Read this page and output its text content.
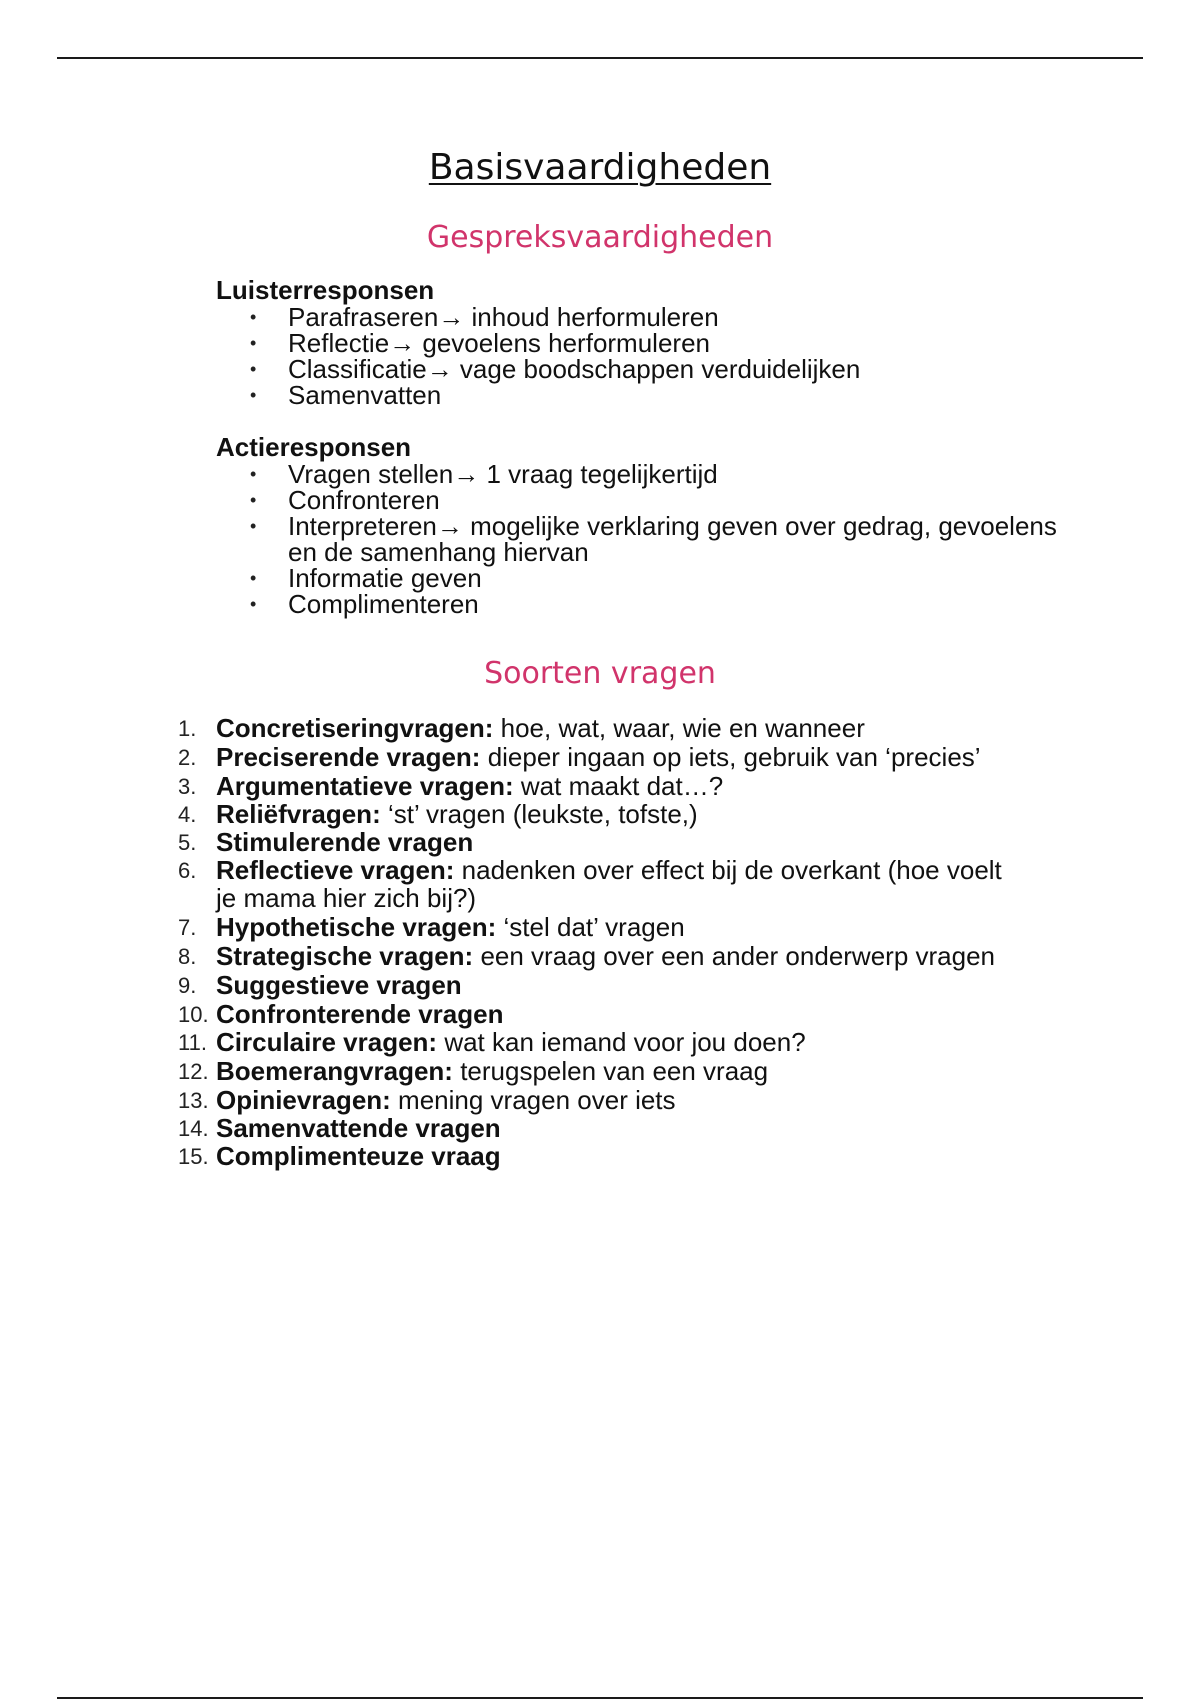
Basisvaardigheden
Gespreksvaardigheden

Luisterresponsen

• Parafraseren→ inhoud herformuleren
• Reflectie→ gevoelens herformuleren
• Classificatie→ vage boodschappen verduidelijken
• Samenvatten

Actieresponsen

• Vragen stellen→ 1 vraag tegelijkertijd
• Confronteren
• Interpreteren→ mogelijke verklaring geven over gedrag, gevoelens en de samenhang hiervan
• Informatie geven
• Complimenteren
Soorten vragen
1. Concretiseringvragen: hoe, wat, waar, wie en wanneer
2. Preciserende vragen: dieper ingaan op iets, gebruik van ‘precies’
3. Argumentatieve vragen: wat maakt dat…?
4. Reliëfvragen: ‘st’ vragen (leukste, tofste,)
5. Stimulerende vragen
6. Reflectieve vragen: nadenken over effect bij de overkant (hoe voelt je mama hier zich bij?)
7. Hypothetische vragen: ‘stel dat’ vragen
8. Strategische vragen: een vraag over een ander onderwerp vragen
9. Suggestieve vragen
10. Confronterende vragen
11. Circulaire vragen: wat kan iemand voor jou doen?
12. Boemerangvragen: terugspelen van een vraag
13. Opinievragen: mening vragen over iets
14. Samenvattende vragen
15. Complimenteuze vraag
